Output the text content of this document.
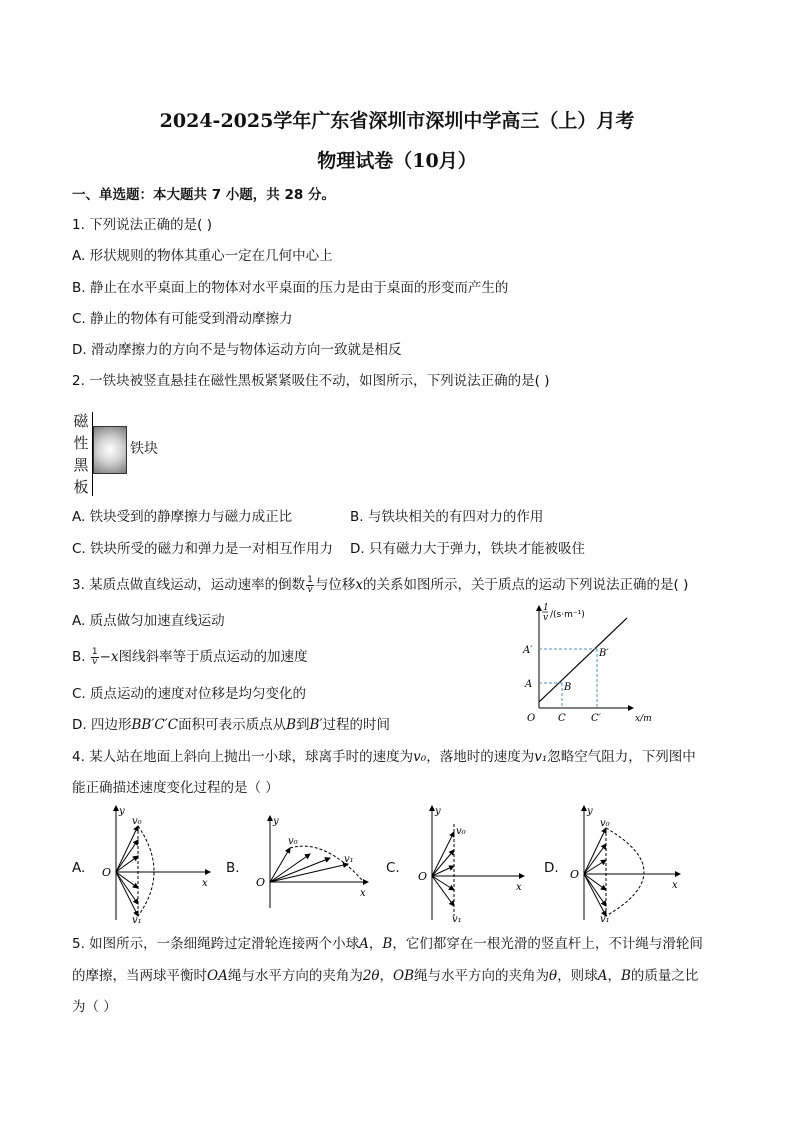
2024-2025学年广东省深圳市深圳中学高三（上）月考
物理试卷（10月）
一、单选题：本大题共 7 小题，共 28 分。
1. 下列说法正确的是( )
A. 形状规则的物体其重心一定在几何中心上
B. 静止在水平桌面上的物体对水平桌面的压力是由于桌面的形变而产生的
C. 静止的物体有可能受到滑动摩擦力
D. 滑动摩擦力的方向不是与物体运动方向一致就是相反
2. 一铁块被竖直悬挂在磁性黑板紧紧吸住不动，如图所示，下列说法正确的是( )
磁
性
黑
板
铁块
A. 铁块受到的静摩擦力与磁力成正比	B. 与铁块相关的有四对力的作用
C. 铁块所受的磁力和弹力是一对相互作用力 D. 只有磁力大于弹力，铁块才能被吸住
3. 某质点做直线运动，运动速率的倒数 $\frac{1}{v}$ 与位移x的关系如图所示，关于质点的运动下列说法正确的是( )
A. 质点做匀加速直线运动
B. $\frac{1}{v} -x$图线斜率等于质点运动的加速度
C. 质点运动的速度对位移是均匀变化的
D. 四边形BB′C′C面积可表示质点从B到B′过程的时间
1
v /(s·m⁻¹)
A′
A	B
B′
O C	C′	x/m
4. 某人站在地面上斜向上抛出一小球，球离手时的速度为v₀，落地时的速度为v₁忽略空气阻力，下列图中
能正确描述速度变化过程的是（ ）
A.
y
x
O
v₀
v₁
B.
y
x
O
v₀
v₁
C.
y
x
O
v₀
v₁
D.
y
x
O
v₀
v₁
5. 如图所示，一条细绳跨过定滑轮连接两个小球A，B，它们都穿在一根光滑的竖直杆上，不计绳与滑轮间
的摩擦，当两球平衡时OA绳与水平方向的夹角为2θ，OB绳与水平方向的夹角为θ，则球A，B的质量之比
为（ ）
